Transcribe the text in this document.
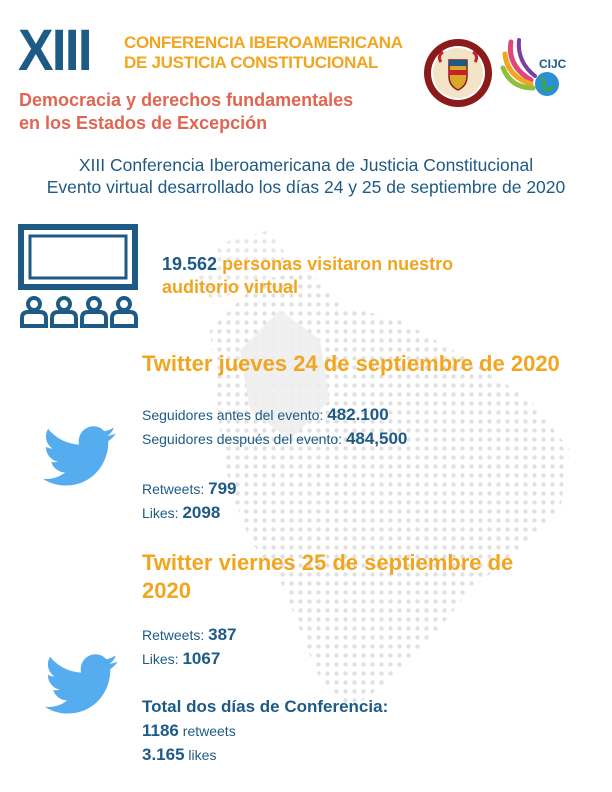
XIII CONFERENCIA IBEROAMERICANA
DE JUSTICIA CONSTITUCIONAL
Democracia y derechos fundamentales
en los Estados de Excepción
CIJC
XIII Conferencia Iberoamericana de Justicia Constitucional
Evento virtual desarrollado los días 24 y 25 de septiembre de 2020
19.562 personas visitaron nuestro
auditorio virtual
Twitter jueves 24 de septiembre de 2020
Seguidores antes del evento: 482.100
Seguidores después del evento: 484,500
Retweets: 799
Likes: 2098
Twitter viernes 25 de septiembre de
2020
Retweets: 387
Likes: 1067
Total dos días de Conferencia:
1186 retweets
3.165 likes
